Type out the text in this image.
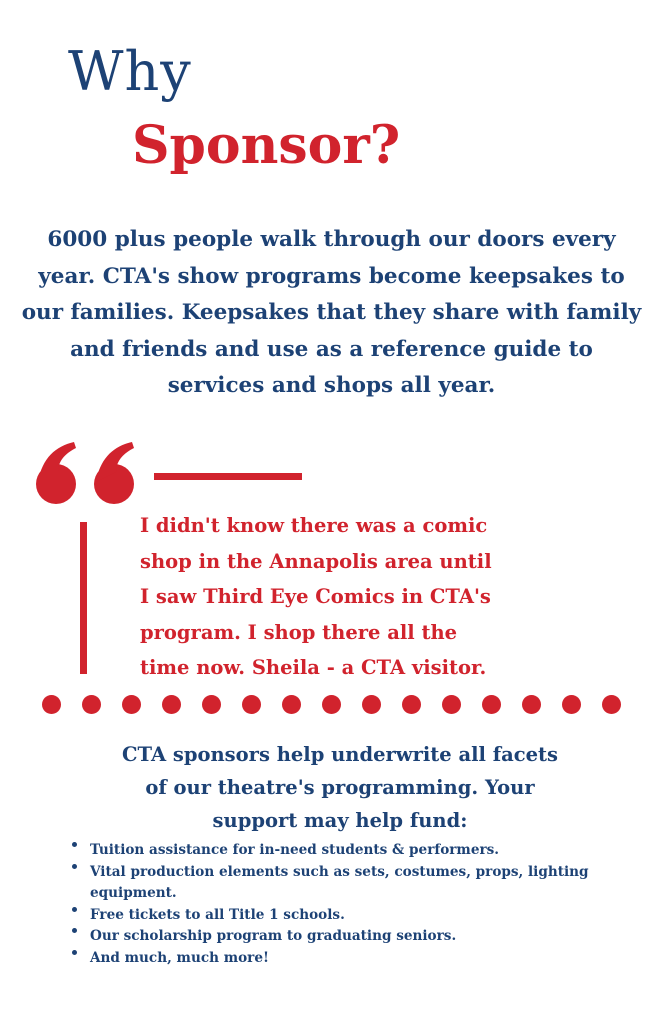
Why
Sponsor?

6000 plus people walk through our doors every year. CTA's show programs become keepsakes to our families. Keepsakes that they share with family and friends and use as a reference guide to services and shops all year.

I didn't know there was a comic
shop in the Annapolis area until
I saw Third Eye Comics in CTA's
program. I shop there all the
time now. Sheila - a CTA visitor.
CTA sponsors help underwrite all facets
of our theatre's programming. Your
support may help fund:
Tuition assistance for in-need students & performers.
Vital production elements such as sets, costumes, props, lighting equipment.
Free tickets to all Title 1 schools.
Our scholarship program to graduating seniors.
And much, much more!
